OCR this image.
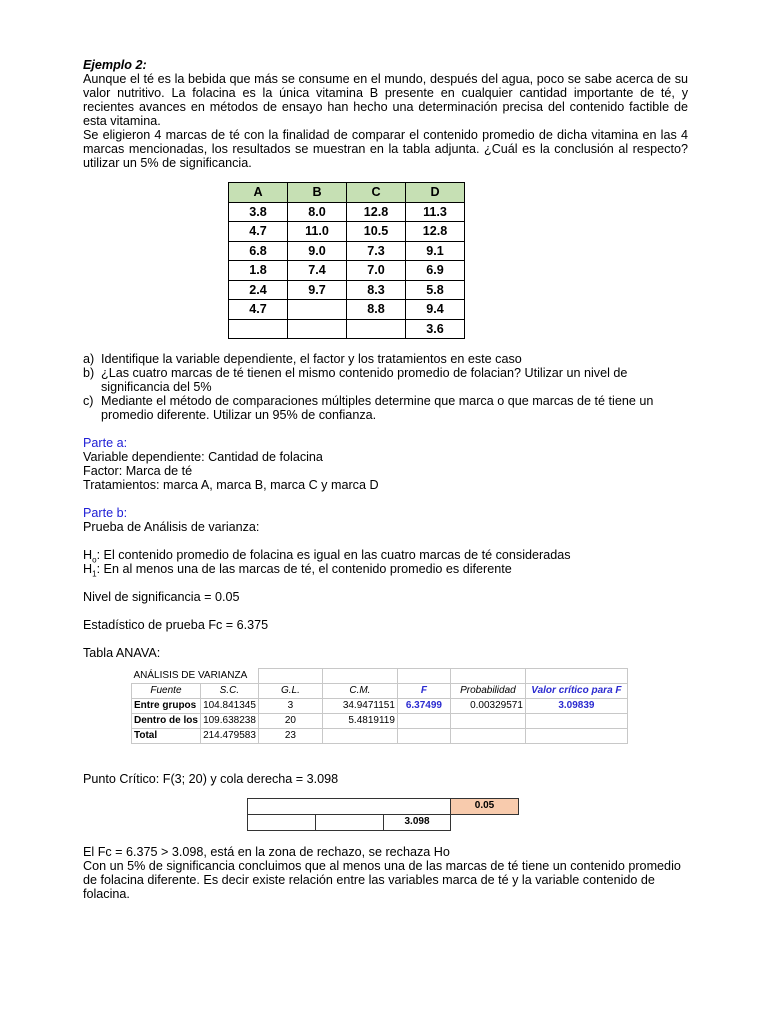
Ejemplo 2:

Aunque el té es la bebida que más se consume en el mundo, después del agua, poco se sabe acerca de su valor nutritivo. La folacina es la única vitamina B presente en cualquier cantidad importante de té, y recientes avances en métodos de ensayo han hecho una determinación precisa del contenido factible de esta vitamina.

Se eligieron 4 marcas de té con la finalidad de comparar el contenido promedio de dicha vitamina en las 4 marcas mencionadas, los resultados se muestran en la tabla adjunta. ¿Cuál es la conclusión al respecto? utilizar un 5% de significancia.

A	B	C	D
3.8	8.0	12.8	11.3
4.7	11.0	10.5	12.8
6.8	9.0	7.3	9.1
1.8	7.4	7.0	6.9
2.4	9.7	8.3	5.8
4.7		8.8	9.4
			3.6
a) Identifique la variable dependiente, el factor y los tratamientos en este caso
b) ¿Las cuatro marcas de té tienen el mismo contenido promedio de folacian? Utilizar un nivel de significancia del 5%
c) Mediante el método de comparaciones múltiples determine que marca o que marcas de té tiene un promedio diferente. Utilizar un 95% de confianza.

Parte a:

Variable dependiente: Cantidad de folacina

Factor: Marca de té

Tratamientos: marca A, marca B, marca C y marca D

Parte b:

Prueba de Análisis de varianza:

$H_o$: El contenido promedio de folacina es igual en las cuatro marcas de té consideradas

$H_1$: En al menos una de las marcas de té, el contenido promedio es diferente

Nivel de significancia = 0.05

Estadístico de prueba Fc = 6.375

Tabla ANAVA:

ANÁLISIS DE VARIANZA						
Fuente	S.C.	G.L.	C.M.	F	Probabilidad	Valor crítico para F
Entre grupos	104.841345	3	34.9471151	6.37499	0.00329571	3.09839
Dentro de los	109.638238	20	5.4819119			
Total	214.479583	23				

Punto Crítico: F(3; 20) y cola derecha = 3.098

			0.05
		3.098	

El Fc = 6.375 > 3.098, está en la zona de rechazo, se rechaza Ho

Con un 5% de significancia concluimos que al menos una de las marcas de té tiene un contenido promedio de folacina diferente. Es decir existe relación entre las variables marca de té y la variable contenido de folacina.
